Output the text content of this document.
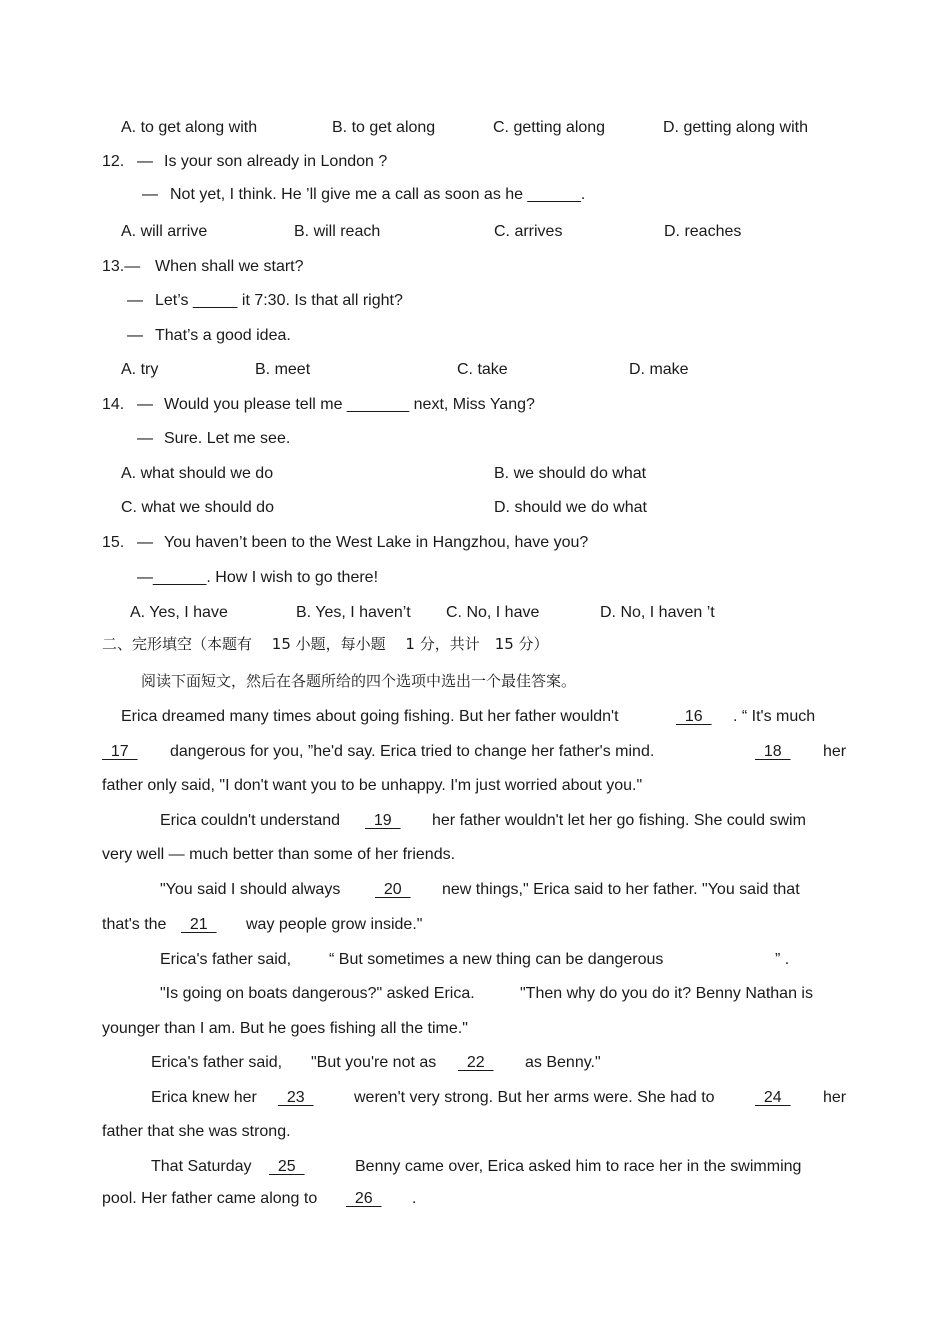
A. to get along with	B. to get along	C. getting along	D. getting along with
12. — Is your son already in London ?
— Not yet, I think. He ’ll give me a call as soon as he ______.
A. will arrive	B. will reach	C. arrives	D. reaches
13.— When shall we start?
— Let’s _____ it 7:30. Is that all right?
— That’s a good idea.
A. try	B. meet	C. take	D. make
14. — Would you please tell me _______ next, Miss Yang?
— Sure. Let me see.
A. what should we do	B. we should do what
C. what we should do	D. should we do what
15. — You haven’t been to the West Lake in Hangzhou, have you?
—______. How I wish to go there!
A. Yes, I have	B. Yes, I haven’t C. No, I have	D. No, I haven ’t
二、完形填空（本题有　 15 小题，每小题　 1 分，共计　15 分）
阅读下面短文，然后在各题所给的四个选项中选出一个最佳答案。
Erica dreamed many times about going fishing. But her father wouldn't	16 . “ It's much
17 dangerous for you, ”he'd say. Erica tried to change her father's mind.	18 her
father only said, "I don't want you to be unhappy. I'm just worried about you."
Erica couldn't understand 19 her father wouldn't let her go fishing. She could swim
very well — much better than some of her friends.
"You said I should always 20 new things," Erica said to her father. "You said that
that's the 21 way people grow inside."
Erica's father said, “ But sometimes a new thing can be dangerous	” .
"Is going on boats dangerous?" asked Erica.	"Then why do you do it? Benny Nathan is
younger than I am. But he goes fishing all the time."
Erica's father said, "But you're not as 22 as Benny."
Erica knew her 23	weren't very strong. But her arms were. She had to	24 her
father that she was strong.
That Saturday 25	Benny came over, Erica asked him to race her in the swimming
pool. Her father came along to 26 .
